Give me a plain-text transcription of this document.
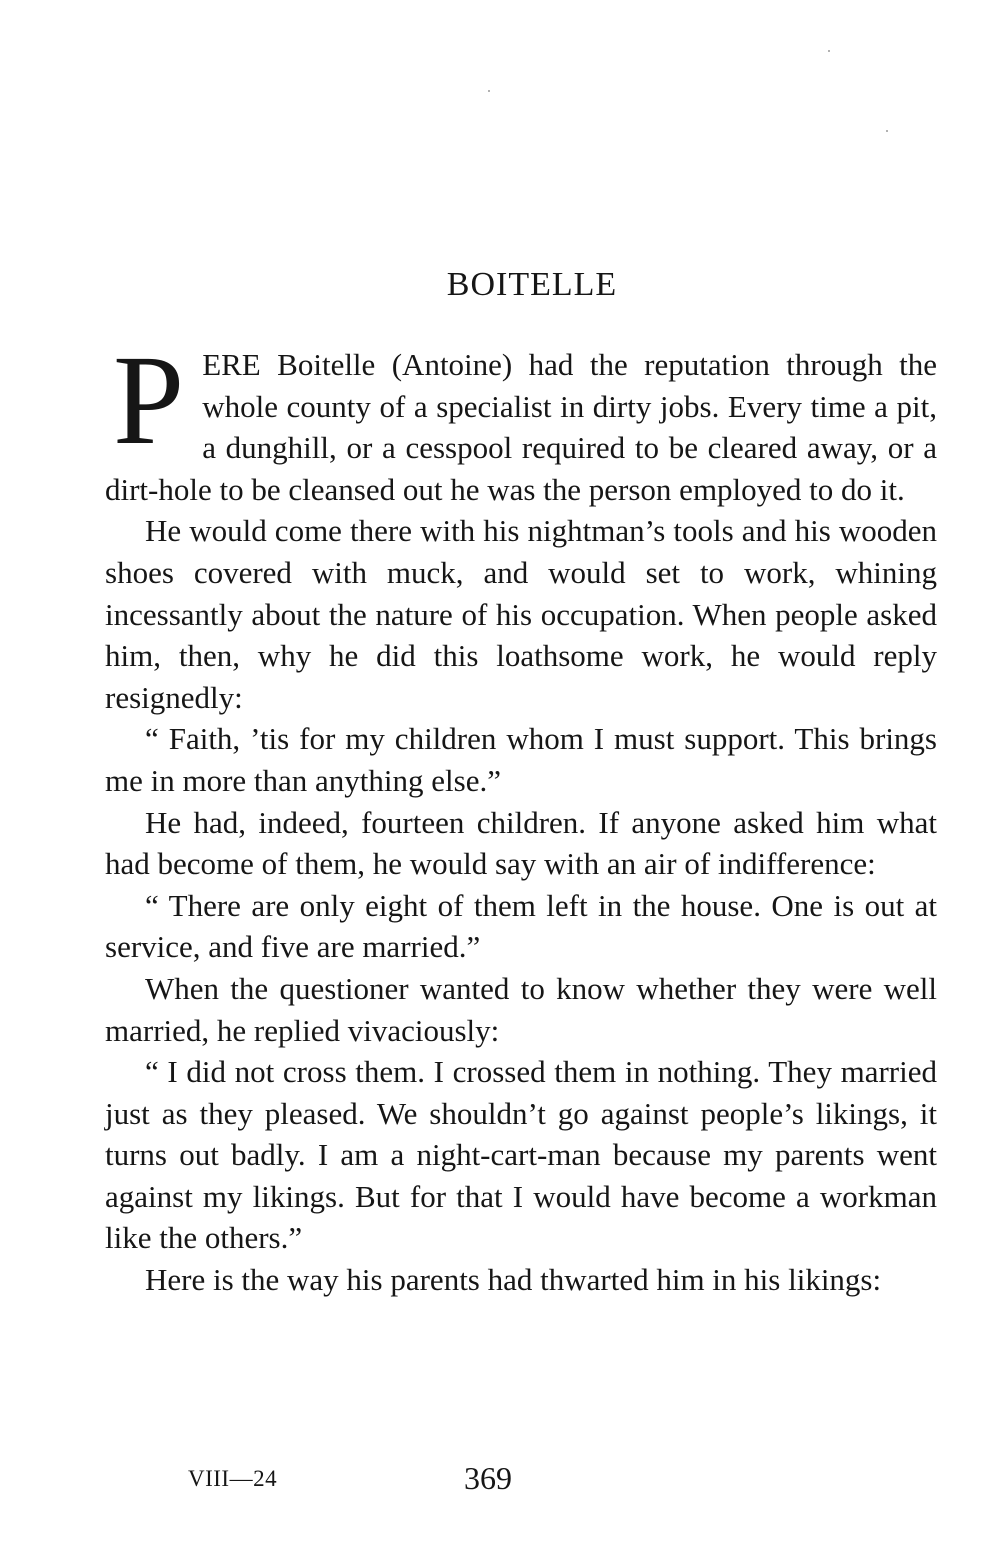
BOITELLE

PERE Boitelle (Antoine) had the reputation through the whole county of a specialist in dirty jobs. Every time a pit, a dunghill, or a cesspool required to be cleared away, or a dirt-hole to be cleansed out he was the person employed to do it.

He would come there with his nightman’s tools and his wooden shoes covered with muck, and would set to work, whining incessantly about the nature of his occupation. When people asked him, then, why he did this loathsome work, he would reply resignedly:

“ Faith, ’tis for my children whom I must support. This brings me in more than anything else.”

He had, indeed, fourteen children. If anyone asked him what had become of them, he would say with an air of indifference:

“ There are only eight of them left in the house. One is out at service, and five are married.”

When the questioner wanted to know whether they were well married, he replied vivaciously:

“ I did not cross them. I crossed them in nothing. They married just as they pleased. We shouldn’t go against people’s likings, it turns out badly. I am a night-cart-man because my parents went against my likings. But for that I would have become a workman like the others.”

Here is the way his parents had thwarted him in his likings:

VIII—24	369
